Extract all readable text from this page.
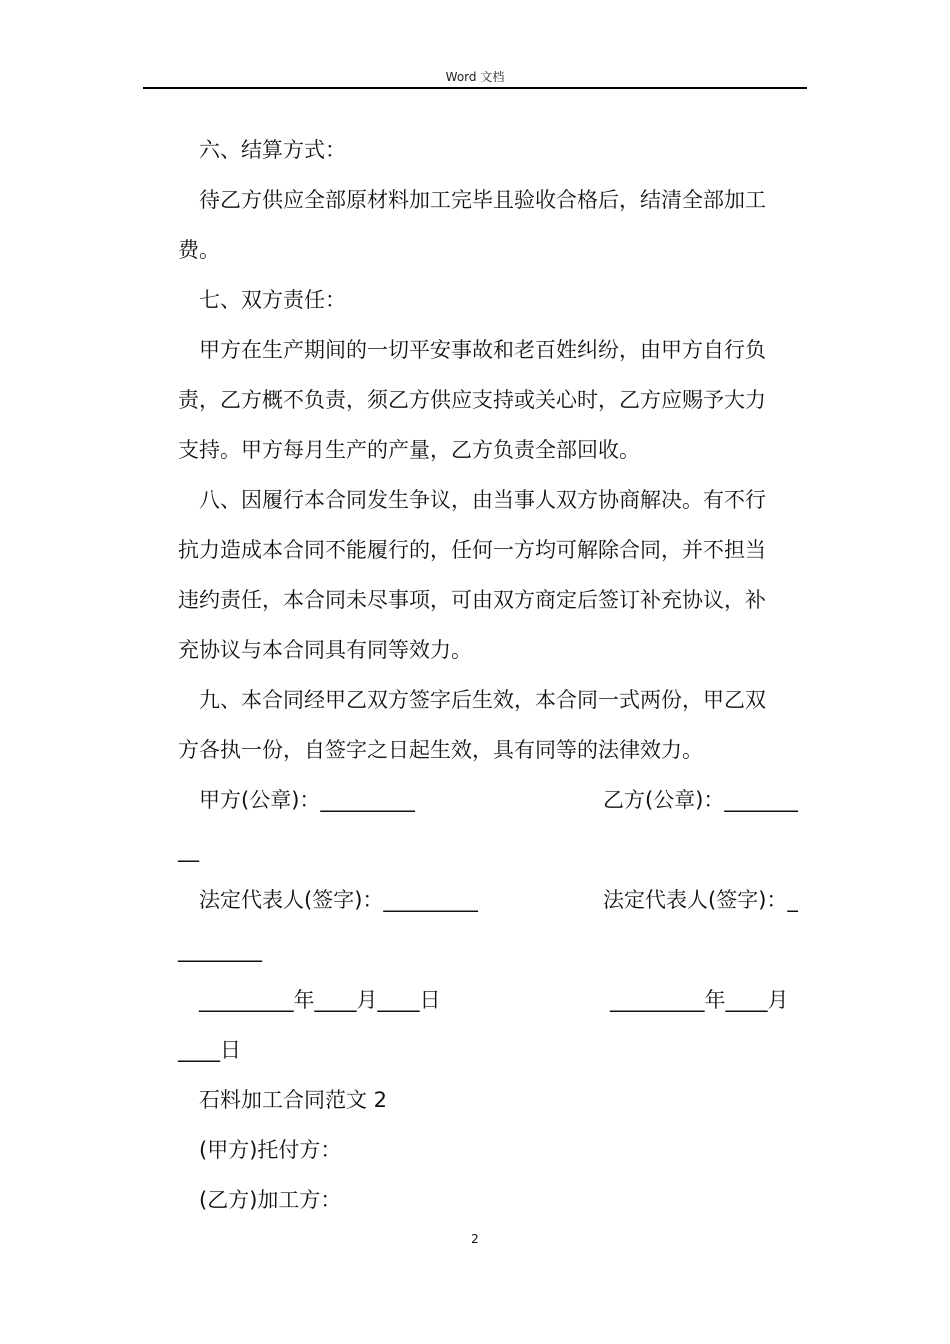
Word 文档
六、结算方式：
待乙方供应全部原材料加工完毕且验收合格后，结清全部加工
费。
七、双方责任：
甲方在生产期间的一切平安事故和老百姓纠纷，由甲方自行负
责，乙方概不负责，须乙方供应支持或关心时，乙方应赐予大力
支持。甲方每月生产的产量，乙方负责全部回收。
八、因履行本合同发生争议，由当事人双方协商解决。有不行
抗力造成本合同不能履行的，任何一方均可解除合同，并不担当
违约责任，本合同未尽事项，可由双方商定后签订补充协议，补
充协议与本合同具有同等效力。
九、本合同经甲乙双方签字后生效，本合同一式两份，甲乙双
方各执一份，自签字之日起生效，具有同等的法律效力。
甲方(公章)：_________	乙方(公章)：_______
__
法定代表人(签字)：_________	法定代表人(签字)：_
________
_________年____月____日	_________年____月
____日
石料加工合同范文 2
(甲方)托付方：
(乙方)加工方：
2
